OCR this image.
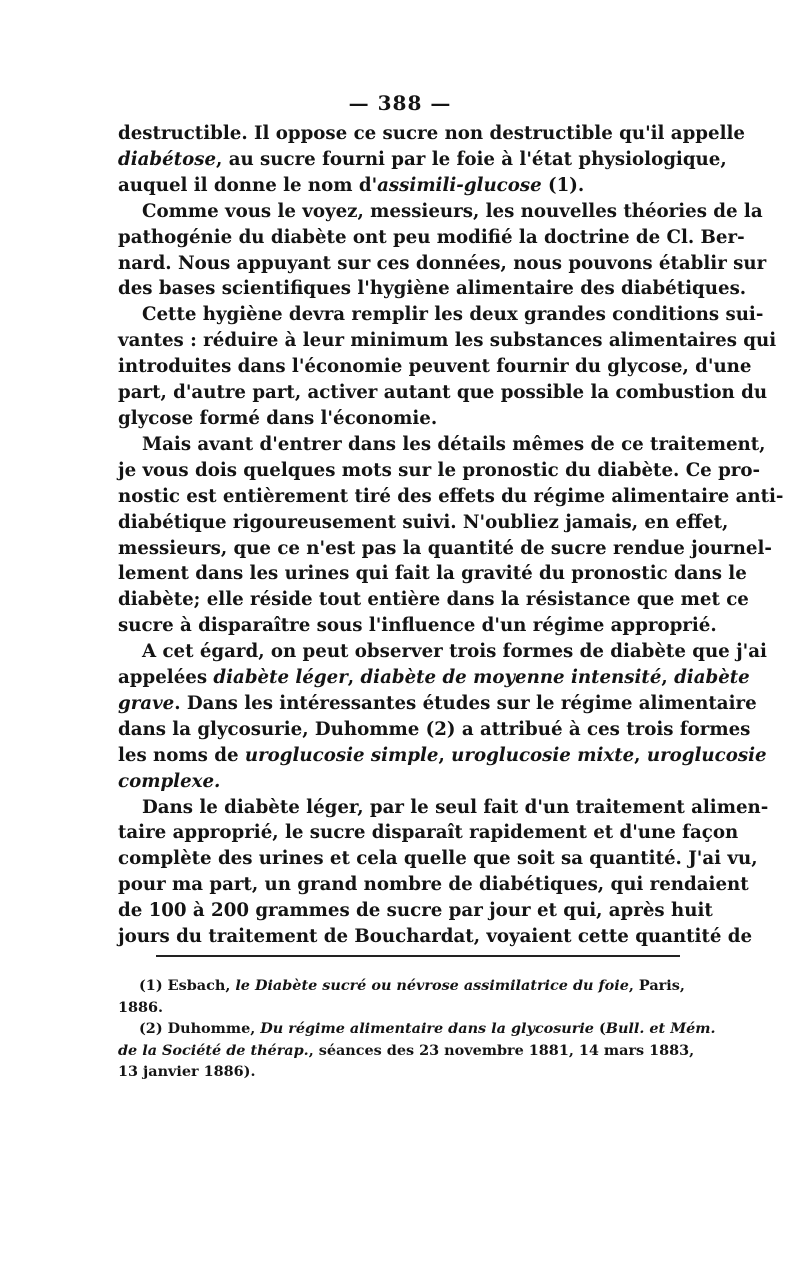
— 388 —
destructible. Il oppose ce sucre non destructible qu'il appelle
diabétose, au sucre fourni par le foie à l'état physiologique,
auquel il donne le nom d'assimili-glucose (1).
Comme vous le voyez, messieurs, les nouvelles théories de la
pathogénie du diabète ont peu modifié la doctrine de Cl. Ber-
nard. Nous appuyant sur ces données, nous pouvons établir sur
des bases scientifiques l'hygiène alimentaire des diabétiques.
Cette hygiène devra remplir les deux grandes conditions sui-
vantes : réduire à leur minimum les substances alimentaires qui
introduites dans l'économie peuvent fournir du glycose, d'une
part, d'autre part, activer autant que possible la combustion du
glycose formé dans l'économie.
Mais avant d'entrer dans les détails mêmes de ce traitement,
je vous dois quelques mots sur le pronostic du diabète. Ce pro-
nostic est entièrement tiré des effets du régime alimentaire anti-
diabétique rigoureusement suivi. N'oubliez jamais, en effet,
messieurs, que ce n'est pas la quantité de sucre rendue journel-
lement dans les urines qui fait la gravité du pronostic dans le
diabète; elle réside tout entière dans la résistance que met ce
sucre à disparaître sous l'influence d'un régime approprié.
A cet égard, on peut observer trois formes de diabète que j'ai
appelées diabète léger, diabète de moyenne intensité, diabète
grave. Dans les intéressantes études sur le régime alimentaire
dans la glycosurie, Duhomme (2) a attribué à ces trois formes
les noms de uroglucosie simple, uroglucosie mixte, uroglucosie
complexe.
Dans le diabète léger, par le seul fait d'un traitement alimen-
taire approprié, le sucre disparaît rapidement et d'une façon
complète des urines et cela quelle que soit sa quantité. J'ai vu,
pour ma part, un grand nombre de diabétiques, qui rendaient
de 100 à 200 grammes de sucre par jour et qui, après huit
jours du traitement de Bouchardat, voyaient cette quantité de
(1) Esbach, le Diabète sucré ou névrose assimilatrice du foie, Paris,
1886.
(2) Duhomme, Du régime alimentaire dans la glycosurie (Bull. et Mém.
de la Société de thérap., séances des 23 novembre 1881, 14 mars 1883,
13 janvier 1886).
